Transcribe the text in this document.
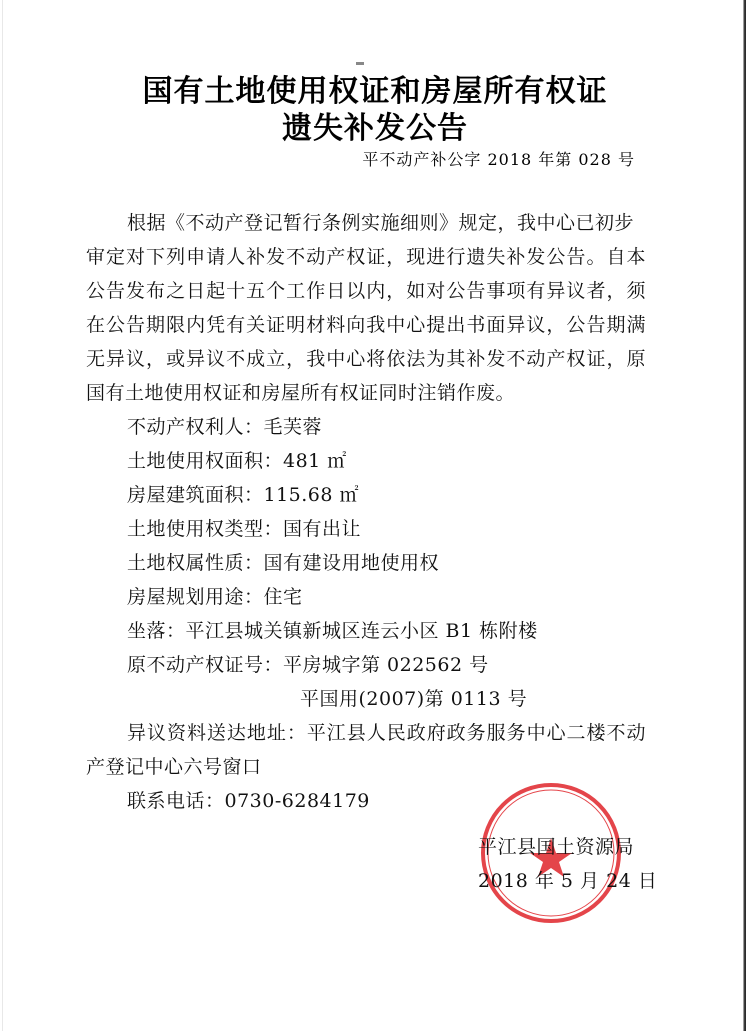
国有土地使用权证和房屋所有权证
遗失补发公告
平不动产补公字 2018 年第 028 号
根据《不动产登记暂行条例实施细则》规定，我中心已初步
审定对下列申请人补发不动产权证，现进行遗失补发公告。自本
公告发布之日起十五个工作日以内，如对公告事项有异议者，须
在公告期限内凭有关证明材料向我中心提出书面异议，公告期满
无异议，或异议不成立，我中心将依法为其补发不动产权证，原
国有土地使用权证和房屋所有权证同时注销作废。
不动产权利人：毛芙蓉
土地使用权面积：481 ㎡
房屋建筑面积：115.68 ㎡
土地使用权类型：国有出让
土地权属性质：国有建设用地使用权
房屋规划用途：住宅
坐落：平江县城关镇新城区连云小区 B1 栋附楼
原不动产权证号：平房城字第 022562 号
平国用(2007)第 0113 号
异议资料送达地址：平江县人民政府政务服务中心二楼不动
产登记中心六号窗口
联系电话：0730-6284179
平江县国土资源局
2018 年 5 月 24 日
